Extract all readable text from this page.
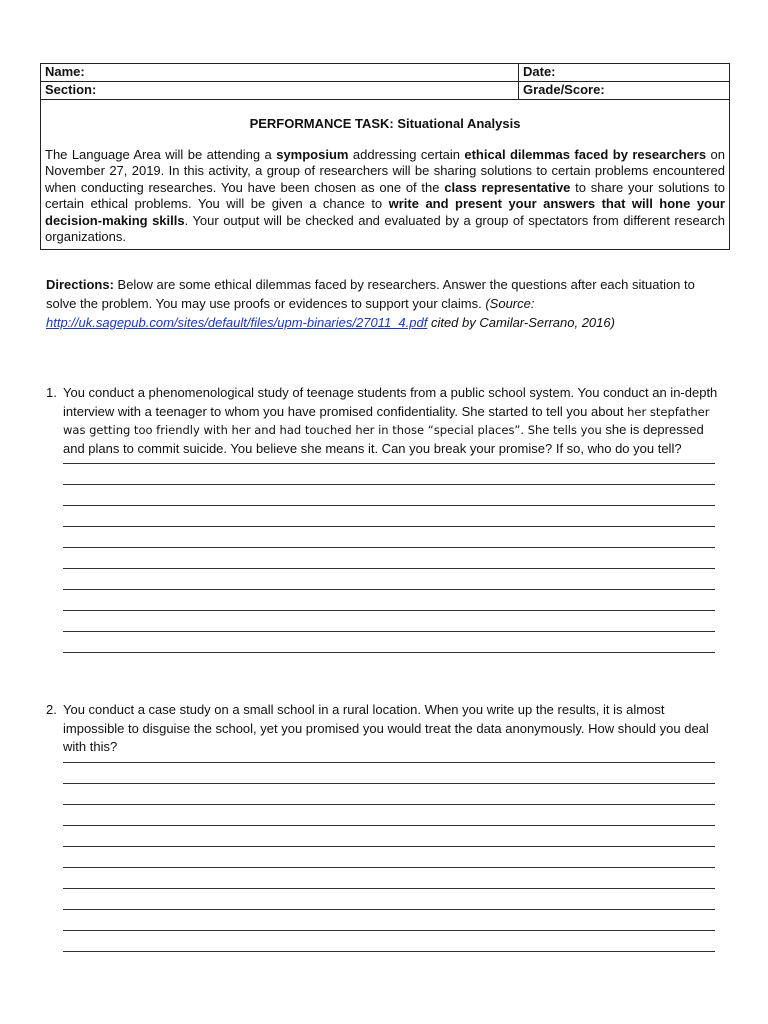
Name:	Date:
Section:	Grade/Score:

PERFORMANCE TASK: Situational Analysis

The Language Area will be attending a symposium addressing certain ethical dilemmas faced by researchers on November 27, 2019. In this activity, a group of researchers will be sharing solutions to certain problems encountered when conducting researches. You have been chosen as one of the class representative to share your solutions to certain ethical problems. You will be given a chance to write and present your answers that will hone your decision-making skills. Your output will be checked and evaluated by a group of spectators from different research organizations.

Directions: Below are some ethical dilemmas faced by researchers. Answer the questions after each situation to solve the problem. You may use proofs or evidences to support your claims. (Source:
http://uk.sagepub.com/sites/default/files/upm-binaries/27011_4.pdf cited by Camilar-Serrano, 2016)

1. You conduct a phenomenological study of teenage students from a public school system. You conduct an in-depth interview with a teenager to whom you have promised confidentiality. She started to tell you about her stepfather was getting too friendly with her and had touched her in those “special places”. She tells you she is depressed and plans to commit suicide. You believe she means it. Can you break your promise? If so, who do you tell?

2. You conduct a case study on a small school in a rural location. When you write up the results, it is almost impossible to disguise the school, yet you promised you would treat the data anonymously. How should you deal with this?
